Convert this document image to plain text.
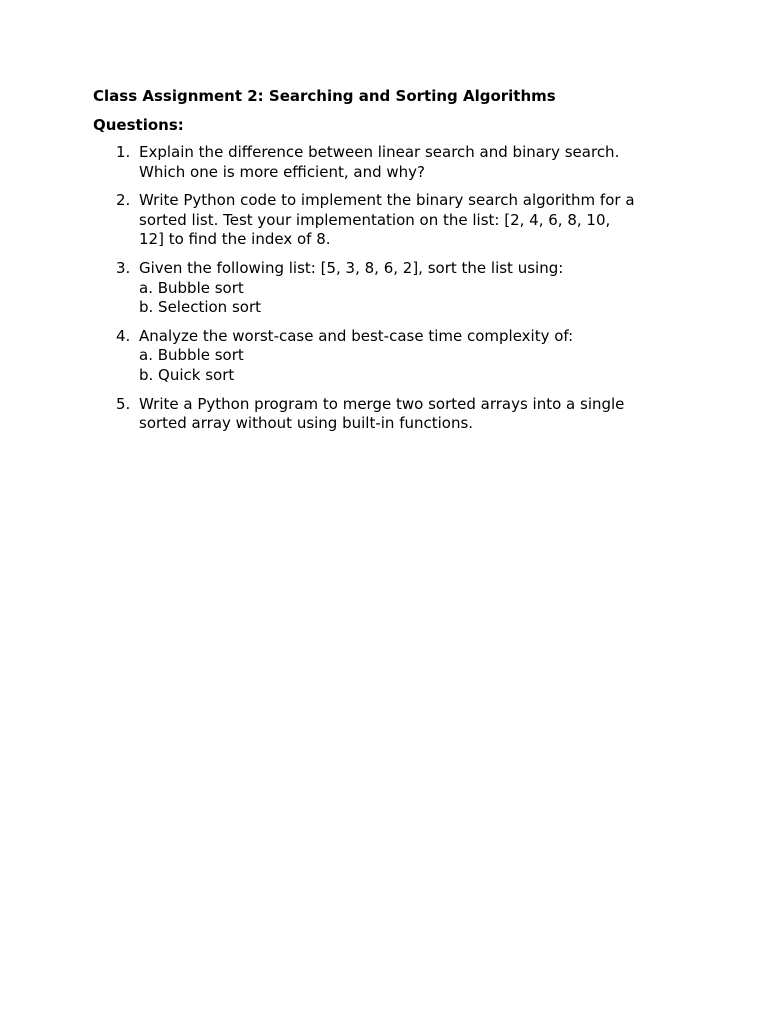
Class Assignment 2: Searching and Sorting Algorithms
Questions:
1. Explain the difference between linear search and binary search.
Which one is more efficient, and why?
2. Write Python code to implement the binary search algorithm for a
sorted list. Test your implementation on the list: [2, 4, 6, 8, 10,
12] to find the index of 8.
3. Given the following list: [5, 3, 8, 6, 2], sort the list using:
a. Bubble sort
b. Selection sort
4. Analyze the worst-case and best-case time complexity of:
a. Bubble sort
b. Quick sort
5. Write a Python program to merge two sorted arrays into a single
sorted array without using built-in functions.
